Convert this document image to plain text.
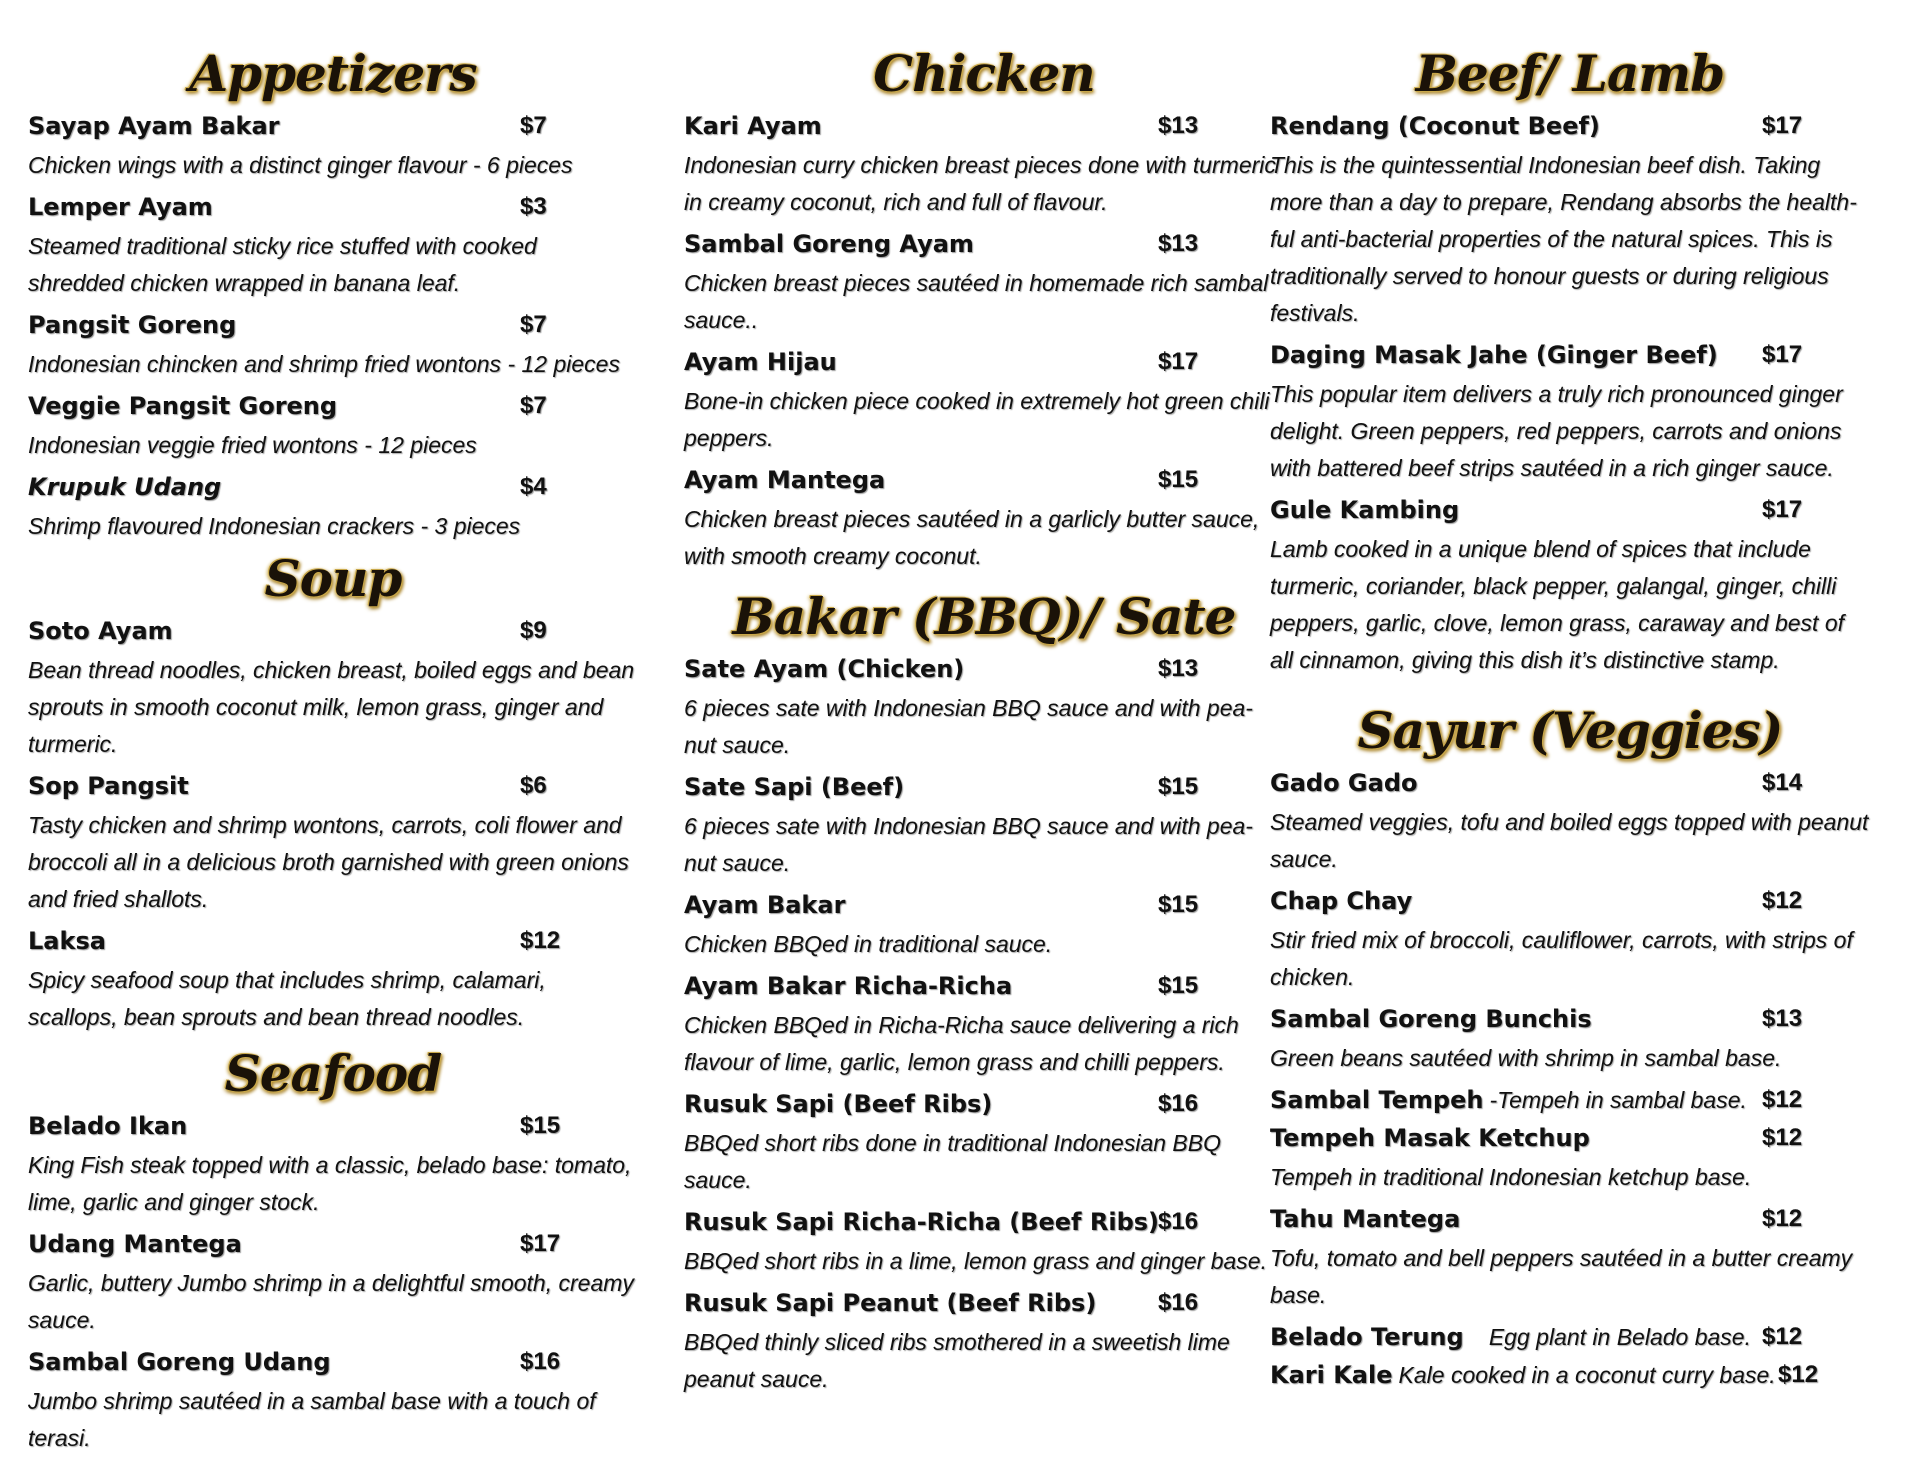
Appetizers
Sayap Ayam Bakar	$7
Chicken wings with a distinct ginger flavour - 6 pieces
Lemper Ayam	$3
Steamed traditional sticky rice stuffed with cooked shredded chicken wrapped in banana leaf.
Pangsit Goreng	$7
Indonesian chincken and shrimp fried wontons - 12 pieces
Veggie Pangsit Goreng	$7
Indonesian veggie fried wontons - 12 pieces
Krupuk Udang	$4
Shrimp flavoured Indonesian crackers - 3 pieces
Soup
Soto Ayam	$9
Bean thread noodles, chicken breast, boiled eggs and bean sprouts in smooth coconut milk, lemon grass, ginger and turmeric.
Sop Pangsit	$6
Tasty chicken and shrimp wontons, carrots, coli flower and broccoli all in a delicious broth garnished with green onions and fried shallots.
Laksa	$12
Spicy seafood soup that includes shrimp, calamari, scallops, bean sprouts and bean thread noodles.
Seafood
Belado Ikan	$15
King Fish steak topped with a classic, belado base: tomato, lime, garlic and ginger stock.
Udang Mantega	$17
Garlic, buttery Jumbo shrimp in a delightful smooth, creamy sauce.
Sambal Goreng Udang	$16
Jumbo shrimp sautéed in a sambal base with a touch of terasi.
Chicken
Kari Ayam	$13
Indonesian curry chicken breast pieces done with turmeric in creamy coconut, rich and full of flavour.
Sambal Goreng Ayam	$13
Chicken breast pieces sautéed in homemade rich sambal sauce..
Ayam Hijau	$17
Bone-in chicken piece cooked in extremely hot green chili peppers.
Ayam Mantega	$15
Chicken breast pieces sautéed in a garlicly butter sauce, with smooth creamy coconut.
Bakar (BBQ)/ Sate
Sate Ayam (Chicken)	$13
6 pieces sate with Indonesian BBQ sauce and with pea-nut sauce.
Sate Sapi (Beef)	$15
6 pieces sate with Indonesian BBQ sauce and with pea-nut sauce.
Ayam Bakar	$15
Chicken BBQed in traditional sauce.
Ayam Bakar Richa-Richa	$15
Chicken BBQed in Richa-Richa sauce delivering a rich flavour of lime, garlic, lemon grass and chilli peppers.
Rusuk Sapi (Beef Ribs)	$16
BBQed short ribs done in traditional Indonesian BBQ sauce.
Rusuk Sapi Richa-Richa (Beef Ribs) $16
BBQed short ribs in a lime, lemon grass and ginger base.
Rusuk Sapi Peanut (Beef Ribs)	$16
BBQed thinly sliced ribs smothered in a sweetish lime peanut sauce.
Beef/ Lamb
Rendang (Coconut Beef)	$17
This is the quintessential Indonesian beef dish. Taking more than a day to prepare, Rendang absorbs the health-ful anti-bacterial properties of the natural spices. This is traditionally served to honour guests or during religious festivals.
Daging Masak Jahe (Ginger Beef) $17
This popular item delivers a truly rich pronounced ginger delight. Green peppers, red peppers, carrots and onions with battered beef strips sautéed in a rich ginger sauce.
Gule Kambing	$17
Lamb cooked in a unique blend of spices that include turmeric, coriander, black pepper, galangal, ginger, chilli peppers, garlic, clove, lemon grass, caraway and best of all cinnamon, giving this dish it’s distinctive stamp.
Sayur (Veggies)
Gado Gado	$14
Steamed veggies, tofu and boiled eggs topped with peanut sauce.
Chap Chay	$12
Stir fried mix of broccoli, cauliflower, carrots, with strips of chicken.
Sambal Goreng Bunchis	$13
Green beans sautéed with shrimp in sambal base.
Sambal Tempeh -Tempeh in sambal base. $12
Tempeh Masak Ketchup	$12
Tempeh in traditional Indonesian ketchup base.
Tahu Mantega	$12
Tofu, tomato and bell peppers sautéed in a butter creamy base.
Belado Terung Egg plant in Belado base. $12
Kari Kale Kale cooked in a coconut curry base. $12
